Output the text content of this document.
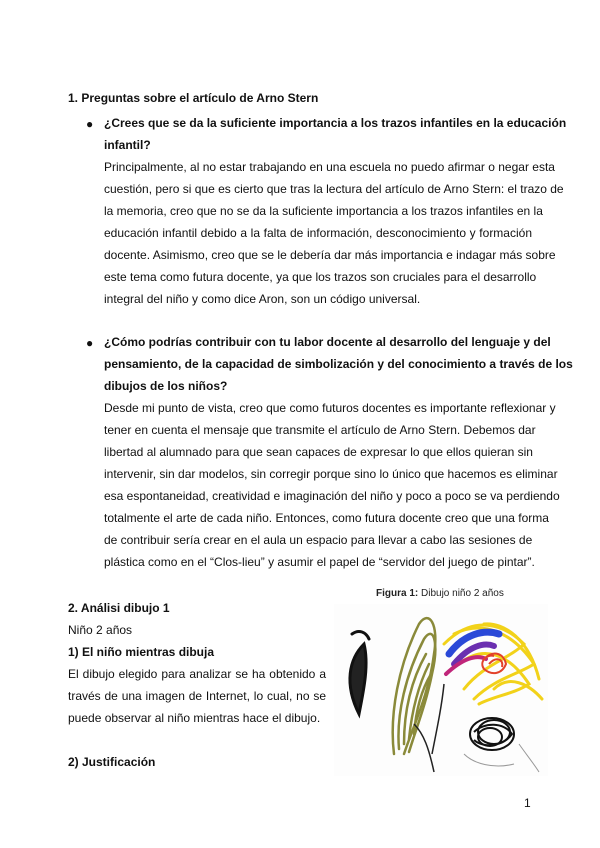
1. Preguntas sobre el artículo de Arno Stern
● ¿Crees que se da la suficiente importancia a los trazos infantiles en la educación
infantil?
Principalmente, al no estar trabajando en una escuela no puedo afirmar o negar esta
cuestión, pero si que es cierto que tras la lectura del artículo de Arno Stern: el trazo de
la memoria, creo que no se da la suficiente importancia a los trazos infantiles en la
educación infantil debido a la falta de información, desconocimiento y formación
docente. Asimismo, creo que se le debería dar más importancia e indagar más sobre
este tema como futura docente, ya que los trazos son cruciales para el desarrollo
integral del niño y como dice Aron, son un código universal.
● ¿Cómo podrías contribuir con tu labor docente al desarrollo del lenguaje y del
pensamiento, de la capacidad de simbolización y del conocimiento a través de los
dibujos de los niños?
Desde mi punto de vista, creo que como futuros docentes es importante reflexionar y
tener en cuenta el mensaje que transmite el artículo de Arno Stern. Debemos dar
libertad al alumnado para que sean capaces de expresar lo que ellos quieran sin
intervenir, sin dar modelos, sin corregir porque sino lo único que hacemos es eliminar
esa espontaneidad, creatividad e imaginación del niño y poco a poco se va perdiendo
totalmente el arte de cada niño. Entonces, como futura docente creo que una forma
de contribuir sería crear en el aula un espacio para llevar a cabo las sesiones de
plástica como en el “Clos-lieu” y asumir el papel de “servidor del juego de pintar”.
2. Análisi dibujo 1
Niño 2 años
1) El niño mientras dibuja
El dibujo elegido para analizar se ha obtenido a
través de una imagen de Internet, lo cual, no se
puede observar al niño mientras hace el dibujo.
2) Justificación
Figura 1: Dibujo niño 2 años
1
